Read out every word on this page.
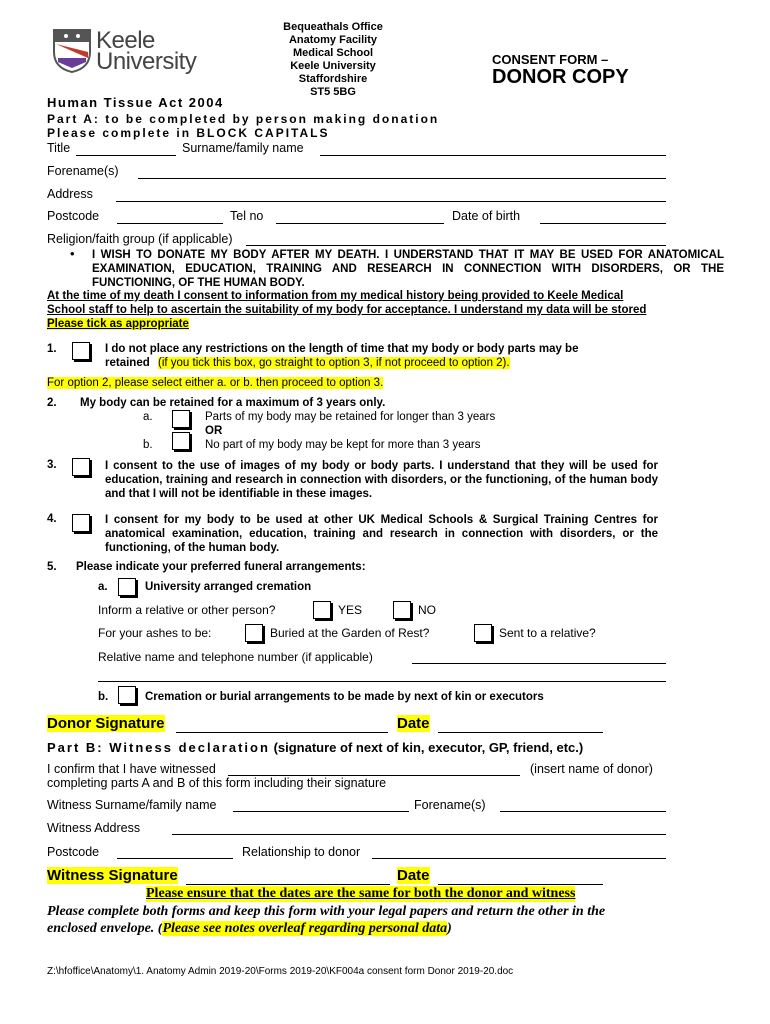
Keele
University
Bequeathals Office
Anatomy Facility
Medical School
Keele University
Staffordshire
ST5 5BG
CONSENT FORM –
DONOR COPY
Human Tissue Act 2004
Part A: to be completed by person making donation
Please complete in BLOCK CAPITALS
Title	Surname/family name
Forename(s)
Address
Postcode	Tel no	Date of birth
Religion/faith group (if applicable)
• I WISH TO DONATE MY BODY AFTER MY DEATH. I UNDERSTAND THAT IT MAY BE USED FOR ANATOMICAL EXAMINATION, EDUCATION, TRAINING AND RESEARCH IN CONNECTION WITH DISORDERS, OR THE FUNCTIONING, OF THE HUMAN BODY.
At the time of my death I consent to information from my medical history being provided to Keele Medical
School staff to help to ascertain the suitability of my body for acceptance. I understand my data will be stored
Please tick as appropriate
1.	I do not place any restrictions on the length of time that my body or body parts may be
retained (if you tick this box, go straight to option 3, if not proceed to option 2).
For option 2, please select either a. or b. then proceed to option 3.
2. My body can be retained for a maximum of 3 years only.
a.	Parts of my body may be retained for longer than 3 years
OR
b.	No part of my body may be kept for more than 3 years
3.	I consent to the use of images of my body or body parts. I understand that they will be used for education, training and research in connection with disorders, or the functioning, of the human body and that I will not be identifiable in these images.
4.	I consent for my body to be used at other UK Medical Schools & Surgical Training Centres for anatomical examination, education, training and research in connection with disorders, or the functioning, of the human body.
5. Please indicate your preferred funeral arrangements:
a.	University arranged cremation
Inform a relative or other person?	YES	NO
For your ashes to be:	Buried at the Garden of Rest?	Sent to a relative?
Relative name and telephone number (if applicable)
b.	Cremation or burial arrangements to be made by next of kin or executors
Donor Signature	Date
Part B: Witness declaration (signature of next of kin, executor, GP, friend, etc.)
I confirm that I have witnessed	(insert name of donor)
completing parts A and B of this form including their signature
Witness Surname/family name	Forename(s)
Witness Address
Postcode	Relationship to donor
Witness Signature	Date
Please ensure that the dates are the same for both the donor and witness
Please complete both forms and keep this form with your legal papers and return the other in the
enclosed envelope. (Please see notes overleaf regarding personal data)
Z:\hfoffice\Anatomy\1. Anatomy Admin 2019-20\Forms 2019-20\KF004a consent form Donor 2019-20.doc
